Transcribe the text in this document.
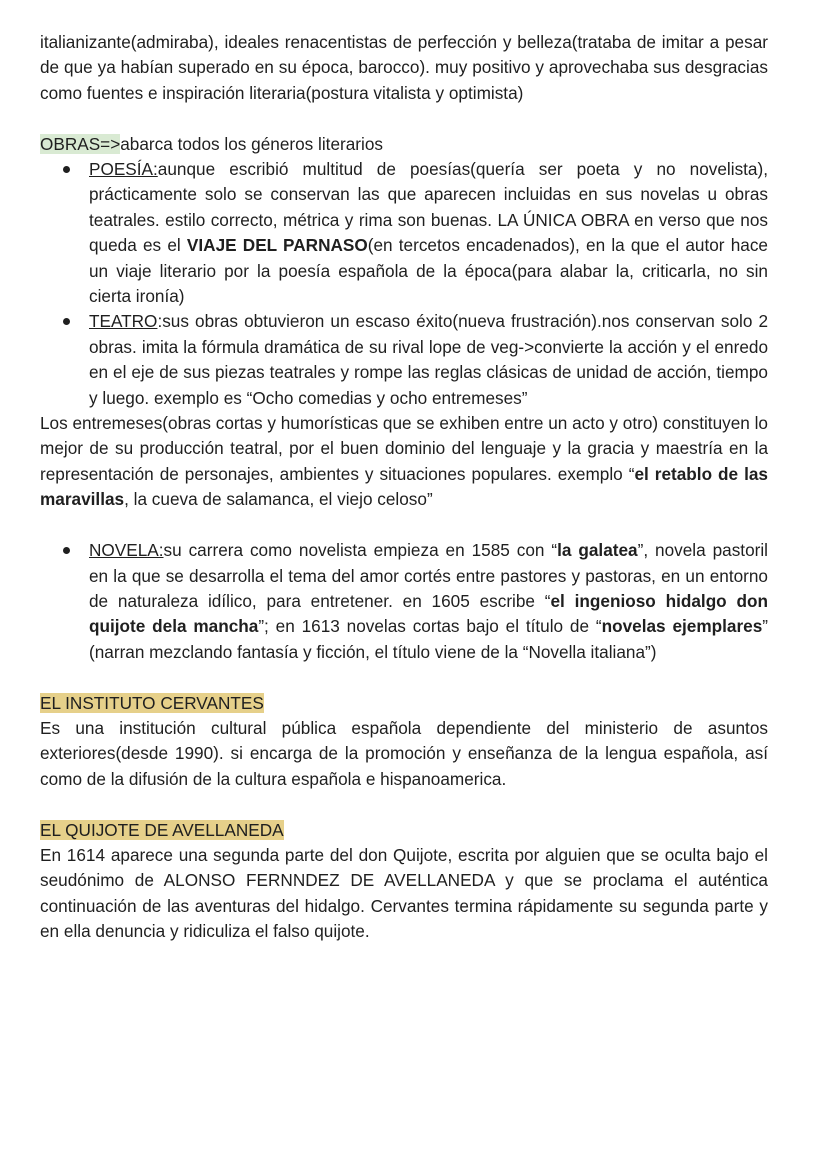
italianizante(admiraba), ideales renacentistas de perfección y belleza(trataba de imitar a pesar de que ya habían superado en su época, barocco). muy positivo y aprovechaba sus desgracias como fuentes e inspiración literaria(postura vitalista y optimista)

OBRAS=>abarca todos los géneros literarios

POESÍA:aunque escribió multitud de poesías(quería ser poeta y no novelista), prácticamente solo se conservan las que aparecen incluidas en sus novelas u obras teatrales. estilo correcto, métrica y rima son buenas. LA ÚNICA OBRA en verso que nos queda es el VIAJE DEL PARNASO(en tercetos encadenados), en la que el autor hace un viaje literario por la poesía española de la época(para alabar la, criticarla, no sin cierta ironía)
TEATRO:sus obras obtuvieron un escaso éxito(nueva frustración).nos conservan solo 2 obras. imita la fórmula dramática de su rival lope de veg->convierte la acción y el enredo en el eje de sus piezas teatrales y rompe las reglas clásicas de unidad de acción, tiempo y luego. exemplo es “Ocho comedias y ocho entremeses”

Los entremeses(obras cortas y humorísticas que se exhiben entre un acto y otro) constituyen lo mejor de su producción teatral, por el buen dominio del lenguaje y la gracia y maestría en la representación de personajes, ambientes y situaciones populares. exemplo “el retablo de las maravillas, la cueva de salamanca, el viejo celoso”

NOVELA:su carrera como novelista empieza en 1585 con “la galatea”, novela pastoril en la que se desarrolla el tema del amor cortés entre pastores y pastoras, en un entorno de naturaleza idílico, para entretener. en 1605 escribe “el ingenioso hidalgo don quijote dela mancha”; en 1613 novelas cortas bajo el título de “novelas ejemplares” (narran mezclando fantasía y ficción, el título viene de la “Novella italiana”)

EL INSTITUTO CERVANTES

Es una institución cultural pública española dependiente del ministerio de asuntos exteriores(desde 1990). si encarga de la promoción y enseñanza de la lengua española, así como de la difusión de la cultura española e hispanoamerica.

EL QUIJOTE DE AVELLANEDA

En 1614 aparece una segunda parte del don Quijote, escrita por alguien que se oculta bajo el seudónimo de ALONSO FERNNDEZ DE AVELLANEDA y que se proclama el auténtica continuación de las aventuras del hidalgo. Cervantes termina rápidamente su segunda parte y en ella denuncia y ridiculiza el falso quijote.
